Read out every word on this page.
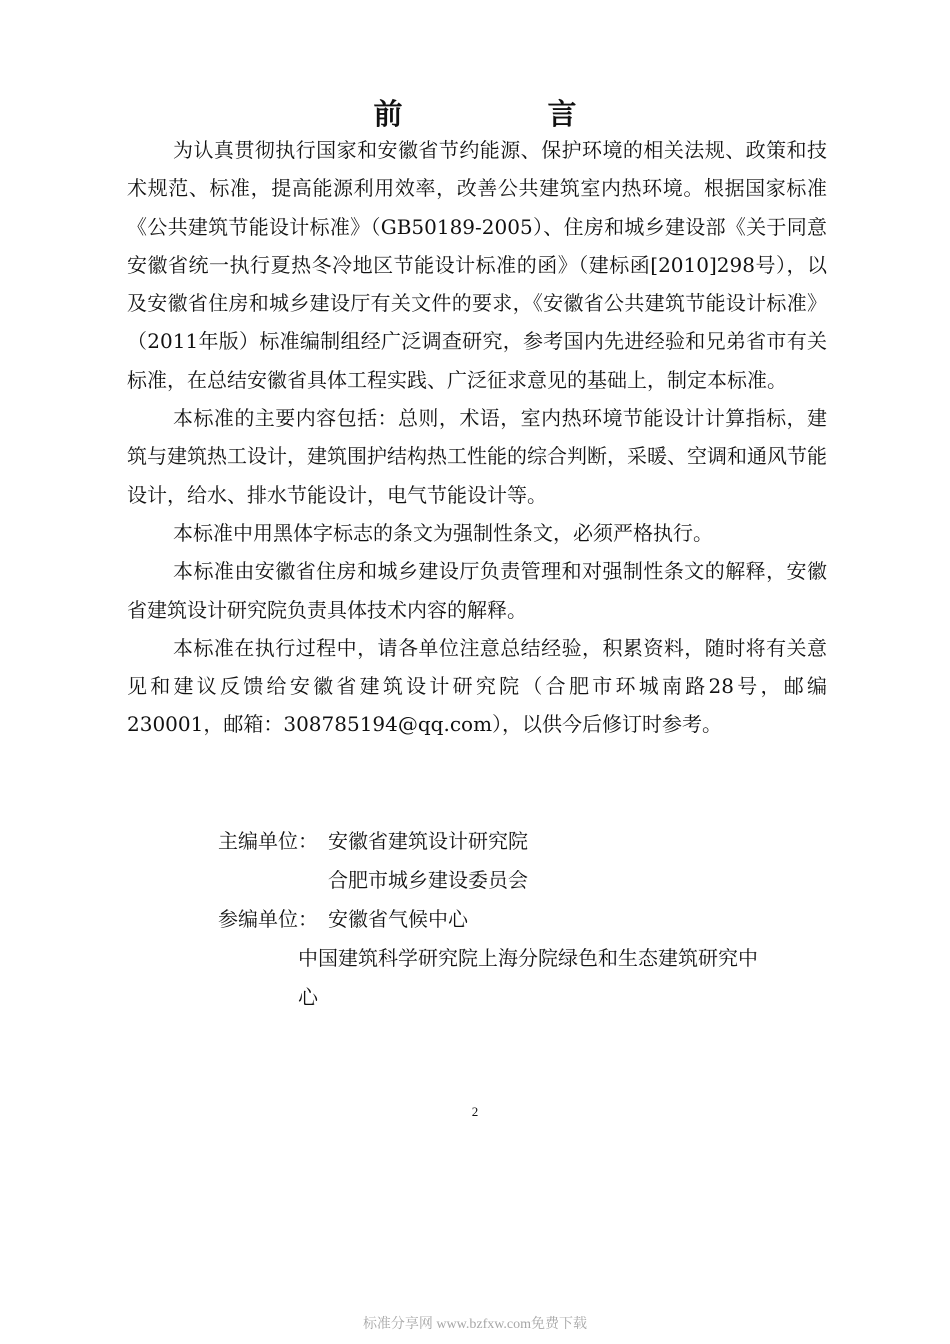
前　言

为认真贯彻执行国家和安徽省节约能源、保护环境的相关法规、政策和技术规范、标准，提高能源利用效率，改善公共建筑室内热环境。根据国家标准《公共建筑节能设计标准》（GB50189-2005）、住房和城乡建设部《关于同意安徽省统一执行夏热冬冷地区节能设计标准的函》（建标函[2010]298号），以及安徽省住房和城乡建设厅有关文件的要求，《安徽省公共建筑节能设计标准》（2011年版）标准编制组经广泛调查研究，参考国内先进经验和兄弟省市有关标准，在总结安徽省具体工程实践、广泛征求意见的基础上，制定本标准。

本标准的主要内容包括：总则，术语，室内热环境节能设计计算指标，建筑与建筑热工设计，建筑围护结构热工性能的综合判断，采暖、空调和通风节能设计，给水、排水节能设计，电气节能设计等。

本标准中用黑体字标志的条文为强制性条文，必须严格执行。

本标准由安徽省住房和城乡建设厅负责管理和对强制性条文的解释，安徽省建筑设计研究院负责具体技术内容的解释。

本标准在执行过程中，请各单位注意总结经验，积累资料，随时将有关意见和建议反馈给安徽省建筑设计研究院（合肥市环城南路28号，邮编230001，邮箱：308785194@qq.com），以供今后修订时参考。

主编单位： 安徽省建筑设计研究院
合肥市城乡建设委员会
参编单位： 安徽省气候中心
中国建筑科学研究院上海分院绿色和生态建筑研究中
心
2
标准分享网 www.bzfxw.com免费下载
